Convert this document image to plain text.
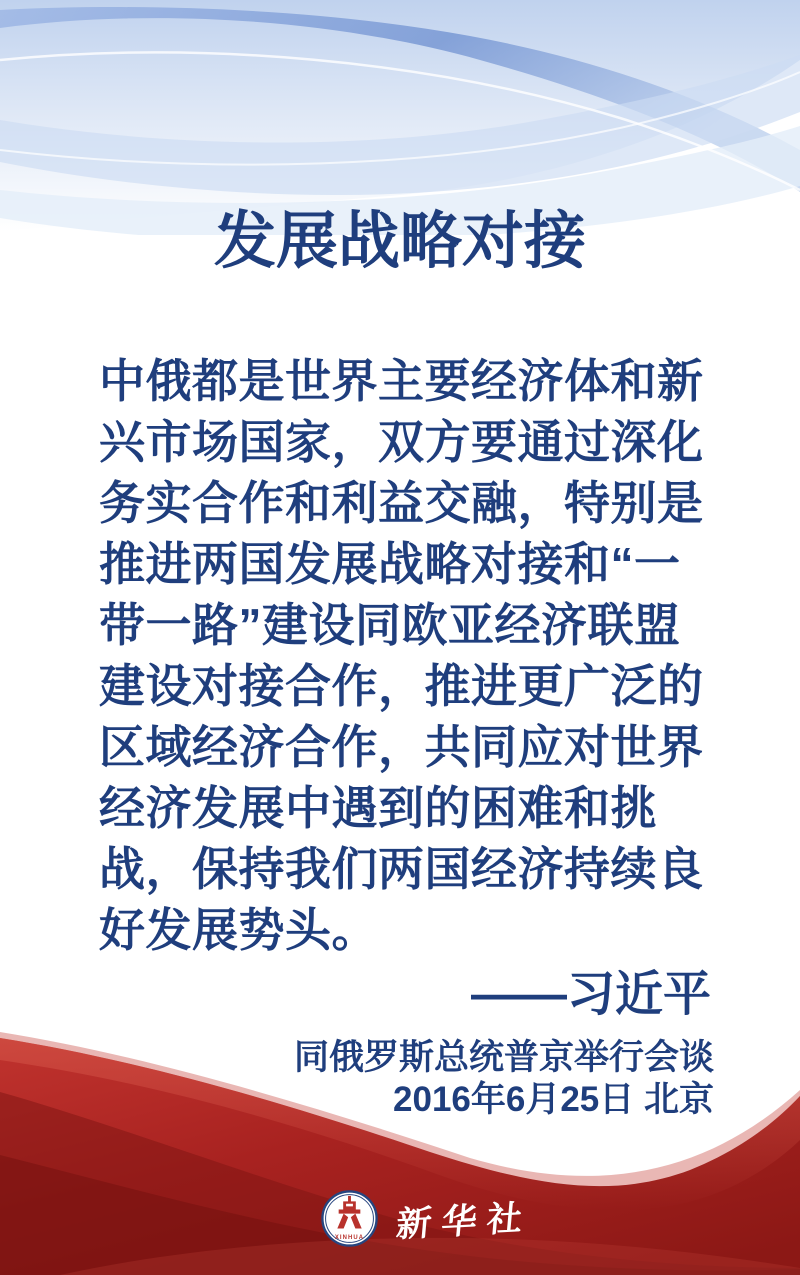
发展战略对接
中俄都是世界主要经济体和新
兴市场国家，双方要通过深化
务实合作和利益交融，特别是
推进两国发展战略对接和“一
带一路”建设同欧亚经济联盟
建设对接合作，推进更广泛的
区域经济合作，共同应对世界
经济发展中遇到的困难和挑
战，保持我们两国经济持续良
好发展势头。
——习近平
同俄罗斯总统普京举行会谈
2016年6月25日 北京
XINHUA 新华社
